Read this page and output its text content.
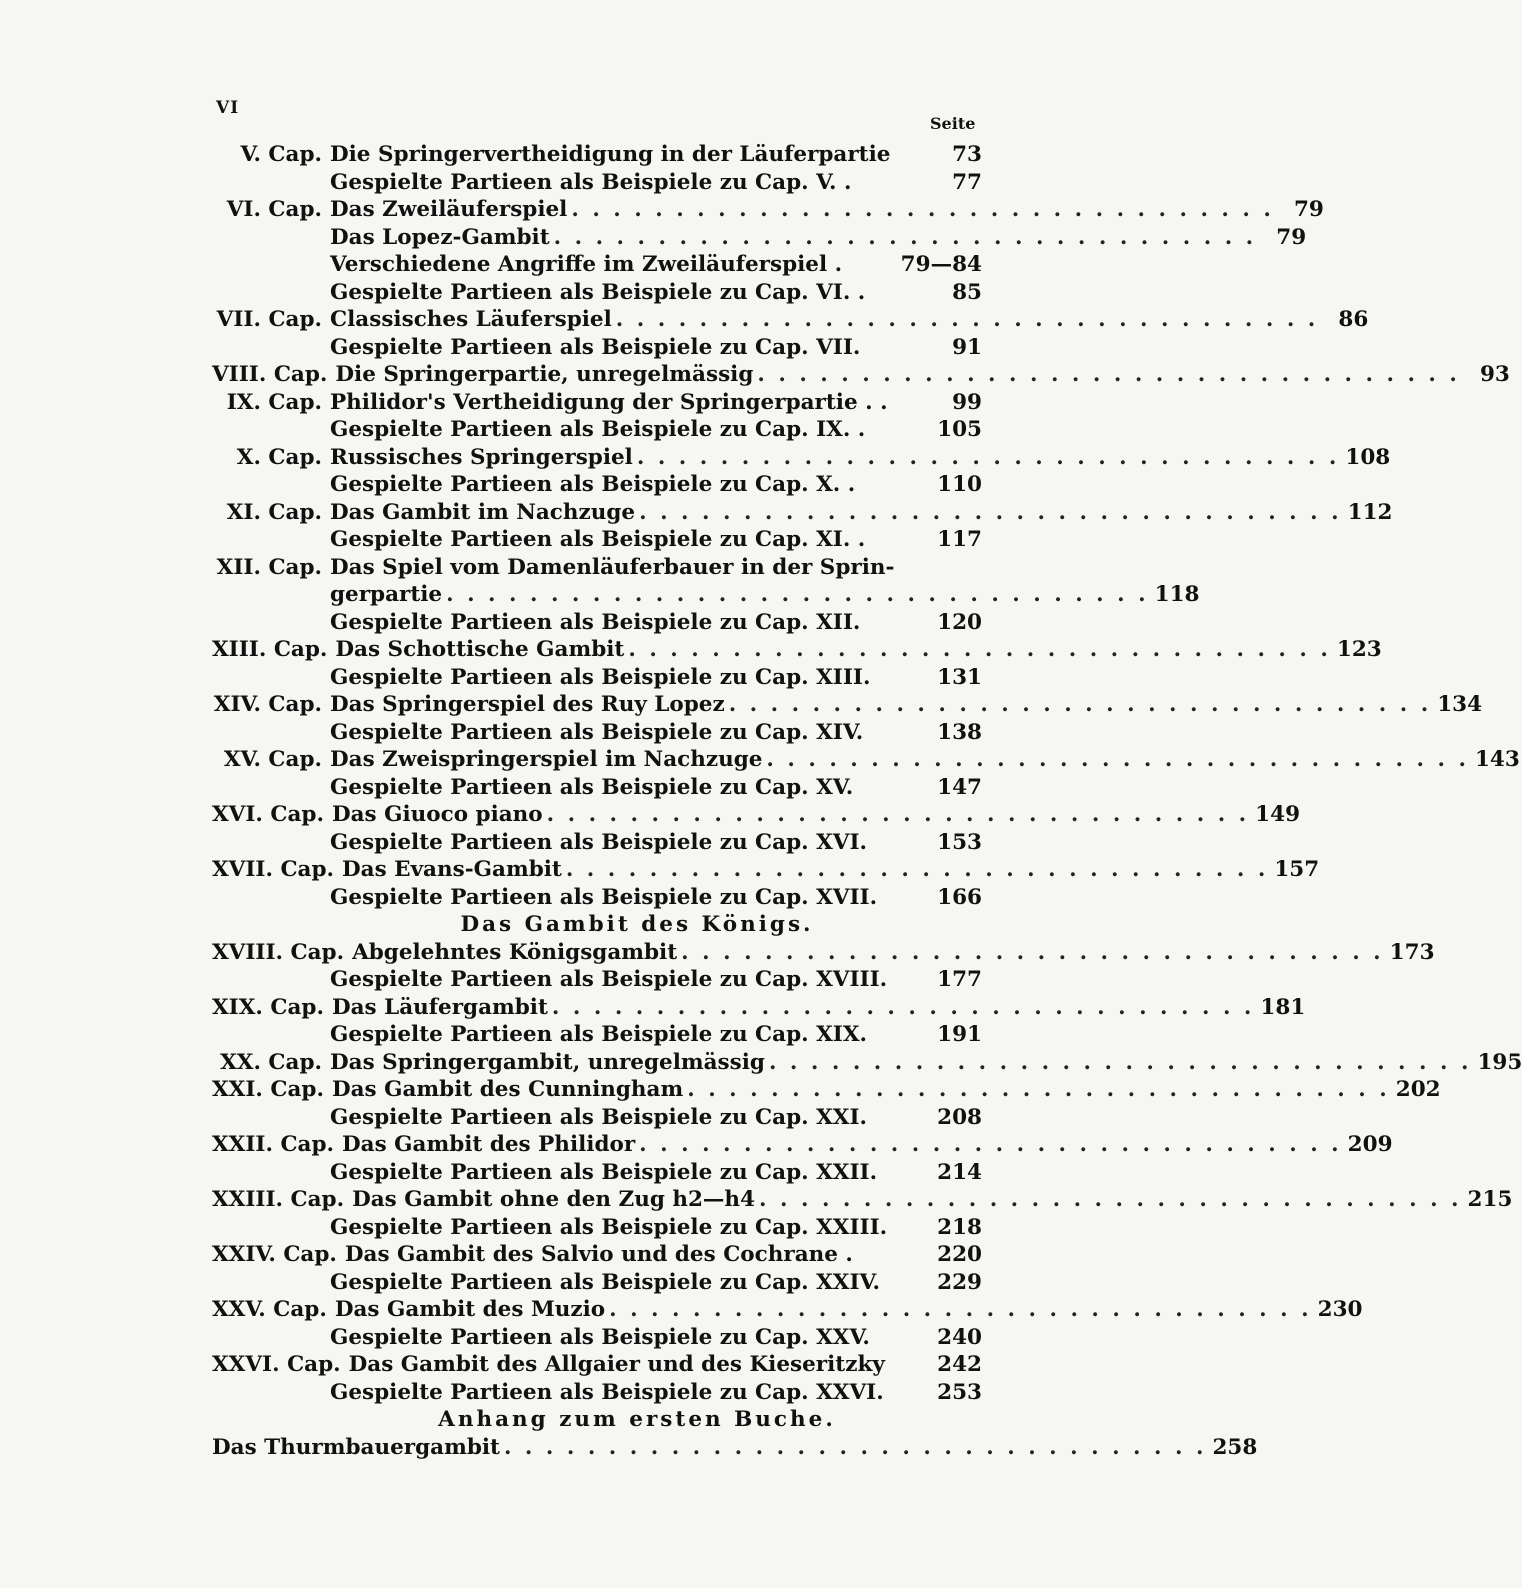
VI
Seite
V. Cap. Die Springervertheidigung in der Läuferpartie	73
Gespielte Partieen als Beispiele zu Cap. V. .	77
VI. Cap. Das Zweiläuferspiel . . . . . . . . . . . . . . . . . . . . . . . . . . . . . . . . . . 79
Das Lopez-Gambit . . . . . . . . . . . . . . . . . . . . . . . . . . . . . . . . . . 79
Verschiedene Angriffe im Zweiläuferspiel .	79—84
Gespielte Partieen als Beispiele zu Cap. VI. .	85
VII. Cap. Classisches Läuferspiel . . . . . . . . . . . . . . . . . . . . . . . . . . . . . . . . . . 86
Gespielte Partieen als Beispiele zu Cap. VII.	91
VIII. Cap. Die Springerpartie, unregelmässig . . . . . . . . . . . . . . . . . . . . . . . . . . . . . . . . . . 93
IX. Cap. Philidor's Vertheidigung der Springerpartie . .	99
Gespielte Partieen als Beispiele zu Cap. IX. .	105
X. Cap. Russisches Springerspiel . . . . . . . . . . . . . . . . . . . . . . . . . . . . . . . . . . 108
Gespielte Partieen als Beispiele zu Cap. X. .	110
XI. Cap. Das Gambit im Nachzuge . . . . . . . . . . . . . . . . . . . . . . . . . . . . . . . . . . 112
Gespielte Partieen als Beispiele zu Cap. XI. .	117
XII. Cap. Das Spiel vom Damenläuferbauer in der Sprin-
gerpartie . . . . . . . . . . . . . . . . . . . . . . . . . . . . . . . . . . 118
Gespielte Partieen als Beispiele zu Cap. XII.	120
XIII. Cap. Das Schottische Gambit . . . . . . . . . . . . . . . . . . . . . . . . . . . . . . . . . . 123
Gespielte Partieen als Beispiele zu Cap. XIII.	131
XIV. Cap. Das Springerspiel des Ruy Lopez . . . . . . . . . . . . . . . . . . . . . . . . . . . . . . . . . . 134
Gespielte Partieen als Beispiele zu Cap. XIV.	138
XV. Cap. Das Zweispringerspiel im Nachzuge . . . . . . . . . . . . . . . . . . . . . . . . . . . . . . . . . . 143
Gespielte Partieen als Beispiele zu Cap. XV.	147
XVI. Cap. Das Giuoco piano . . . . . . . . . . . . . . . . . . . . . . . . . . . . . . . . . . 149
Gespielte Partieen als Beispiele zu Cap. XVI.	153
XVII. Cap. Das Evans-Gambit . . . . . . . . . . . . . . . . . . . . . . . . . . . . . . . . . . 157
Gespielte Partieen als Beispiele zu Cap. XVII.	166
Das Gambit des Königs.
XVIII. Cap. Abgelehntes Königsgambit . . . . . . . . . . . . . . . . . . . . . . . . . . . . . . . . . . 173
Gespielte Partieen als Beispiele zu Cap. XVIII. 177
XIX. Cap. Das Läufergambit . . . . . . . . . . . . . . . . . . . . . . . . . . . . . . . . . . 181
Gespielte Partieen als Beispiele zu Cap. XIX.	191
XX. Cap. Das Springergambit, unregelmässig . . . . . . . . . . . . . . . . . . . . . . . . . . . . . . . . . . 195
XXI. Cap. Das Gambit des Cunningham . . . . . . . . . . . . . . . . . . . . . . . . . . . . . . . . . . 202
Gespielte Partieen als Beispiele zu Cap. XXI.	208
XXII. Cap. Das Gambit des Philidor . . . . . . . . . . . . . . . . . . . . . . . . . . . . . . . . . . 209
Gespielte Partieen als Beispiele zu Cap. XXII.	214
XXIII. Cap. Das Gambit ohne den Zug h2—h4 . . . . . . . . . . . . . . . . . . . . . . . . . . . . . . . . . . 215
Gespielte Partieen als Beispiele zu Cap. XXIII. 218
XXIV. Cap. Das Gambit des Salvio und des Cochrane .	220
Gespielte Partieen als Beispiele zu Cap. XXIV.	229
XXV. Cap. Das Gambit des Muzio . . . . . . . . . . . . . . . . . . . . . . . . . . . . . . . . . . 230
Gespielte Partieen als Beispiele zu Cap. XXV.	240
XXVI. Cap. Das Gambit des Allgaier und des Kieseritzky 242
Gespielte Partieen als Beispiele zu Cap. XXVI. 253
Anhang zum ersten Buche.
Das Thurmbauergambit . . . . . . . . . . . . . . . . . . . . . . . . . . . . . . . . . . 258
